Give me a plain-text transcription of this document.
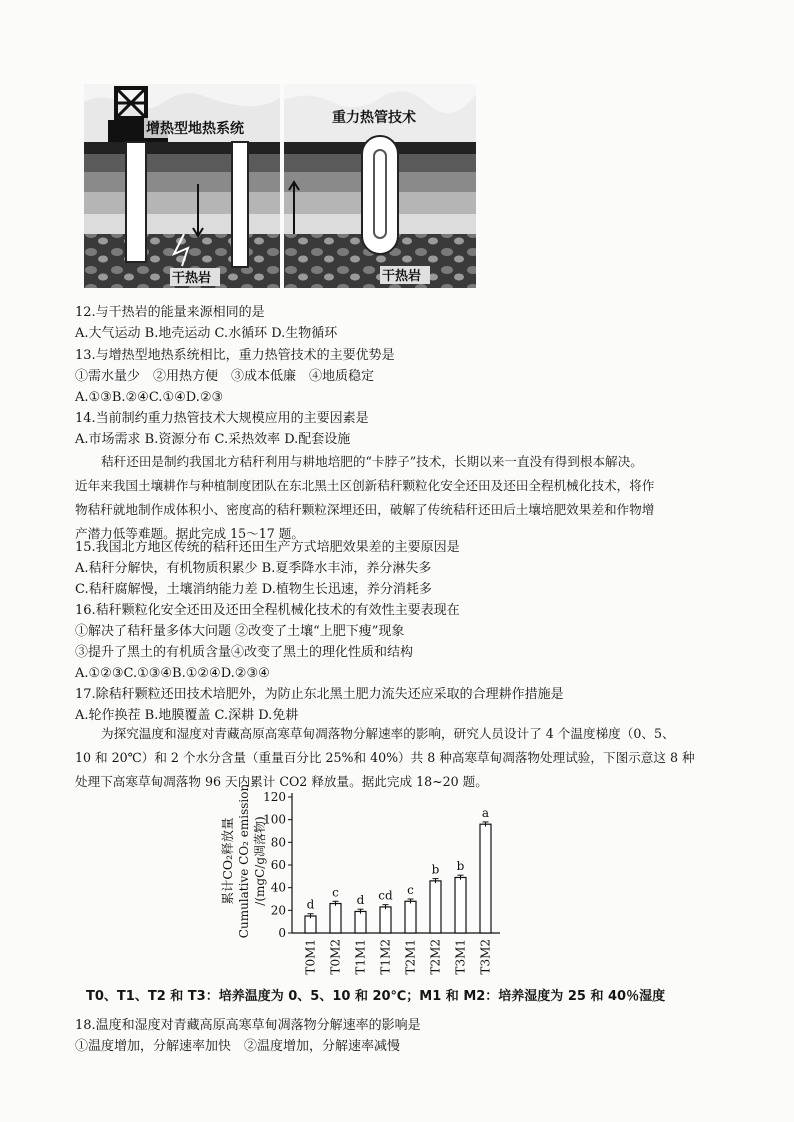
增热型地热系统
干热岩
重力热管技术
干热岩
12.与干热岩的能量来源相同的是
A.大气运动 B.地壳运动 C.水循环 D.生物循环
13.与增热型地热系统相比，重力热管技术的主要优势是
①需水量少　②用热方便　③成本低廉　④地质稳定
A.①③B.②④C.①④D.②③
14.当前制约重力热管技术大规模应用的主要因素是
A.市场需求 B.资源分布 C.采热效率 D.配套设施

秸秆还田是制约我国北方秸秆利用与耕地培肥的“卡脖子”技术，长期以来一直没有得到根本解决。

近年来我国土壤耕作与种植制度团队在东北黑土区创新秸秆颗粒化安全还田及还田全程机械化技术，将作

物秸秆就地制作成体积小、密度高的秸秆颗粒深埋还田，破解了传统秸秆还田后土壤培肥效果差和作物增

产潜力低等难题。据此完成 15～17 题。

15.我国北方地区传统的秸秆还田生产方式培肥效果差的主要原因是
A.秸秆分解快，有机物质积累少 B.夏季降水丰沛，养分淋失多
C.秸秆腐解慢，土壤消纳能力差 D.植物生长迅速，养分消耗多
16.秸秆颗粒化安全还田及还田全程机械化技术的有效性主要表现在
①解决了秸秆量多体大问题 ②改变了土壤“上肥下瘦”现象
③提升了黑土的有机质含量④改变了黑土的理化性质和结构
A.①②③C.①③④B.①②④D.②③④
17.除秸秆颗粒还田技术培肥外，为防止东北黑土肥力流失还应采取的合理耕作措施是
A.轮作换茬 B.地膜覆盖 C.深耕 D.免耕

为探究温度和湿度对青藏高原高寒草甸凋落物分解速率的影响，研究人员设计了 4 个温度梯度（0、5、

10 和 20℃）和 2 个水分含量（重量百分比 25%和 40%）共 8 种高寒草甸凋落物处理试验，下图示意这 8 种

处理下高寒草甸凋落物 96 天内累计 CO2 释放量。据此完成 18~20 题。

0
20
40
60
80
100
120
累计CO₂释放量 Cumulative CO₂ emission /(mgC/g凋落物)	d
T0M1
c
T0M2
d
T1M1
cd
T1M2
c
T2M1
b
T2M2
b
T3M1
a
T3M2
T0、T1、T2 和 T3：培养温度为 0、5、10 和 20℃；M1 和 M2：培养湿度为 25 和 40％湿度
18.温度和湿度对青藏高原高寒草甸凋落物分解速率的影响是
①温度增加，分解速率加快　②温度增加，分解速率减慢
